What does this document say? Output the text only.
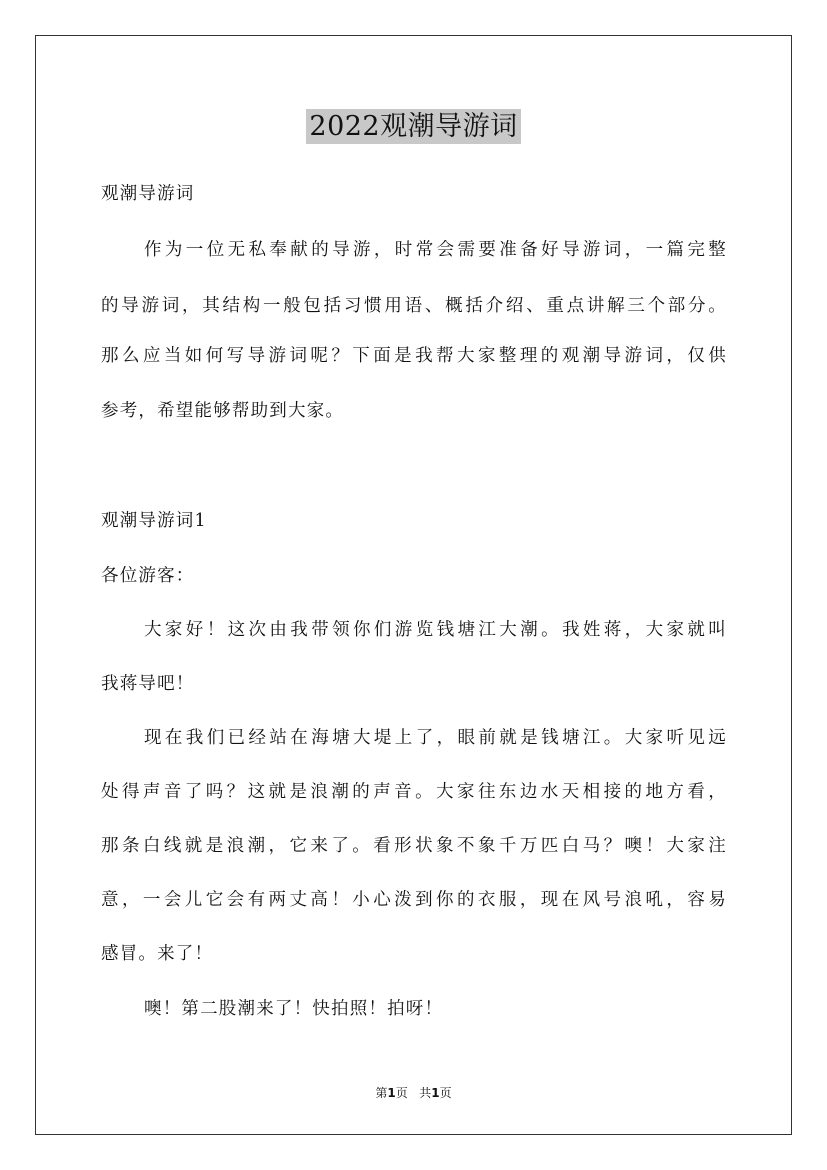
2022观潮导游词
观潮导游词
作为一位无私奉献的导游，时常会需要准备好导游词，一篇完整
的导游词，其结构一般包括习惯用语、概括介绍、重点讲解三个部分。
那么应当如何写导游词呢？下面是我帮大家整理的观潮导游词，仅供
参考，希望能够帮助到大家。
观潮导游词1
各位游客：
大家好！这次由我带领你们游览钱塘江大潮。我姓蒋，大家就叫
我蒋导吧！
现在我们已经站在海塘大堤上了，眼前就是钱塘江。大家听见远
处得声音了吗？这就是浪潮的声音。大家往东边水天相接的地方看，
那条白线就是浪潮，它来了。看形状象不象千万匹白马？噢！大家注
意，一会儿它会有两丈高！小心泼到你的衣服，现在风号浪吼，容易
感冒。来了！
噢！第二股潮来了！快拍照！拍呀！
第1页 共1页
